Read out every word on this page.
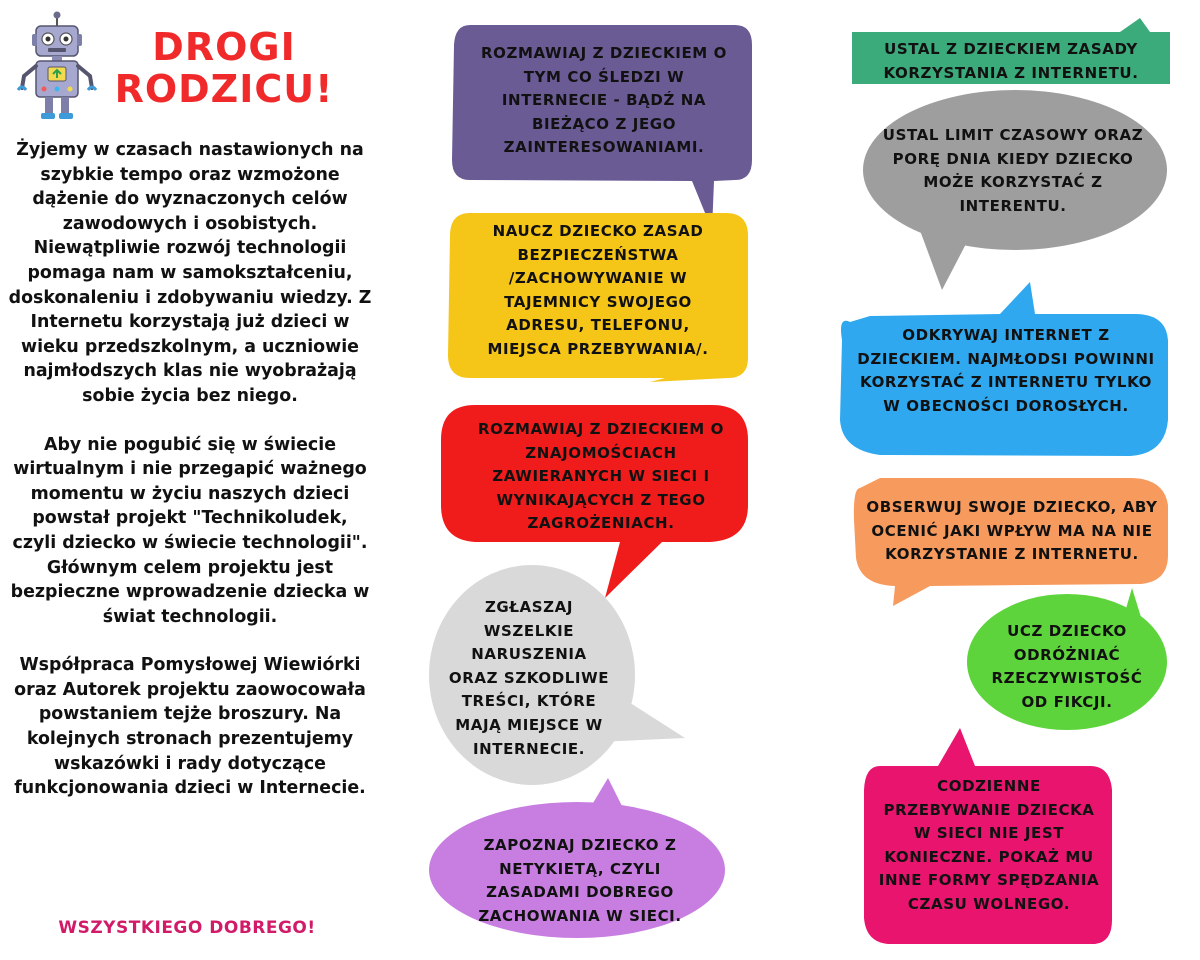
DROGI
RODZICU!

Żyjemy w czasach nastawionych na szybkie tempo oraz wzmożone dążenie do wyznaczonych celów zawodowych i osobistych. Niewątpliwie rozwój technologii pomaga nam w samokształceniu, doskonaleniu i zdobywaniu wiedzy. Z Internetu korzystają już dzieci w wieku przedszkolnym, a uczniowie najmłodszych klas nie wyobrażają sobie życia bez niego.

Aby nie pogubić się w świecie wirtualnym i nie przegapić ważnego momentu w życiu naszych dzieci powstał projekt "Technikoludek, czyli dziecko w świecie technologii". Głównym celem projektu jest bezpieczne wprowadzenie dziecka w świat technologii.

Współpraca Pomysłowej Wiewiórki oraz Autorek projektu zaowocowała powstaniem tejże broszury. Na kolejnych stronach prezentujemy wskazówki i rady dotyczące funkcjonowania dzieci w Internecie.

WSZYSTKIEGO DOBREGO!
ROZMAWIAJ Z DZIECKIEM O TYM CO ŚLEDZI W INTERNECIE - BĄDŹ NA BIEŻĄCO Z JEGO ZAINTERESOWANIAMI.
NAUCZ DZIECKO ZASAD BEZPIECZEŃSTWA /ZACHOWYWANIE W TAJEMNICY SWOJEGO ADRESU, TELEFONU, MIEJSCA PRZEBYWANIA/.
ROZMAWIAJ Z DZIECKIEM O ZNAJOMOŚCIACH ZAWIERANYCH W SIECI I WYNIKAJĄCYCH Z TEGO ZAGROŻENIACH.
ZGŁASZAJ WSZELKIE NARUSZENIA ORAZ SZKODLIWE TREŚCI, KTÓRE MAJĄ MIEJSCE W INTERNECIE.
ZAPOZNAJ DZIECKO Z NETYKIETĄ, CZYLI ZASADAMI DOBREGO ZACHOWANIA W SIECI.
USTAL Z DZIECKIEM ZASADY KORZYSTANIA Z INTERNETU.
USTAL LIMIT CZASOWY ORAZ PORĘ DNIA KIEDY DZIECKO MOŻE KORZYSTAĆ Z INTERENTU.
ODKRYWAJ INTERNET Z DZIECKIEM. NAJMŁODSI POWINNI KORZYSTAĆ Z INTERNETU TYLKO W OBECNOŚCI DOROSŁYCH.
OBSERWUJ SWOJE DZIECKO, ABY OCENIĆ JAKI WPŁYW MA NA NIE KORZYSTANIE Z INTERNETU.
UCZ DZIECKO ODRÓŻNIAĆ RZECZYWISTOŚĆ OD FIKCJI.
CODZIENNE PRZEBYWANIE DZIECKA W SIECI NIE JEST KONIECZNE. POKAŻ MU INNE FORMY SPĘDZANIA CZASU WOLNEGO.
